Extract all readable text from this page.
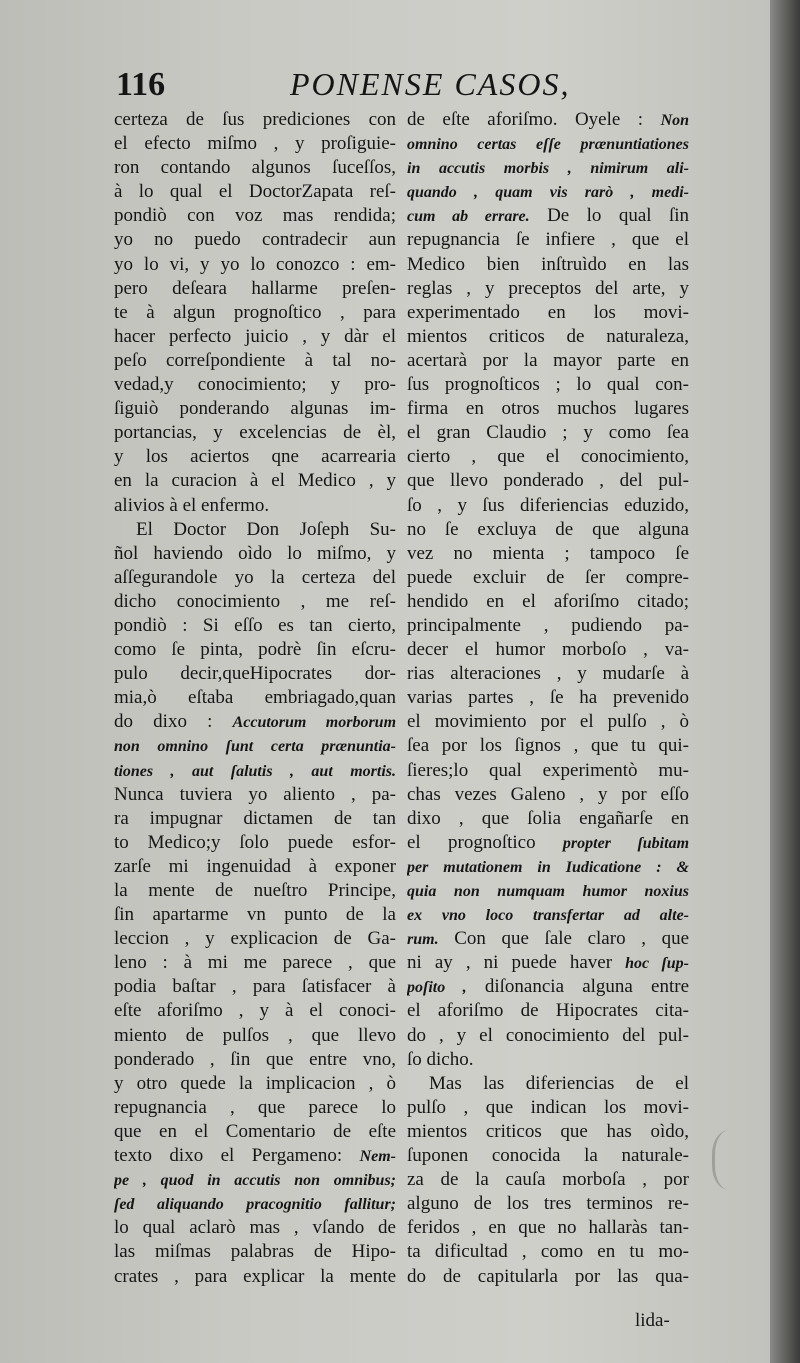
116	PONENSE CASOS,
certeza de ſus prediciones con
el efecto miſmo , y proſiguie-
ron contando algunos ſuceſſos,
à lo qual el DoctorZapata reſ-
pondiò con voz mas rendida;
yo no puedo contradecir aun
yo lo vi, y yo lo conozco : em-
pero deſeara hallarme preſen-
te à algun prognoſtico , para
hacer perfecto juicio , y dàr el
peſo correſpondiente à tal no-
vedad,y conocimiento; y pro-
ſiguiò ponderando algunas im-
portancias, y excelencias de èl,
y los aciertos qne acarrearia
en la curacion à el Medico , y
alivios à el enfermo.
El Doctor Don Joſeph Su-
ñol haviendo oìdo lo miſmo, y
aſſegurandole yo la certeza del
dicho conocimiento , me reſ-
pondiò : Si eſſo es tan cierto,
como ſe pinta, podrè ſin eſcru-
pulo decir,queHipocrates dor-
mia,ò eſtaba embriagado,quan
do dixo : Accutorum morborum
non omnino ſunt certa prænuntia-
tiones , aut ſalutis , aut mortis.
Nunca tuviera yo aliento , pa-
ra impugnar dictamen de tan
to Medico;y ſolo puede esfor-
zarſe mi ingenuidad à exponer
la mente de nueſtro Principe,
ſin apartarme vn punto de la
leccion , y explicacion de Ga-
leno : à mi me parece , que
podia baſtar , para ſatisfacer à
eſte aforiſmo , y à el conoci-
miento de pulſos , que llevo
ponderado , ſin que entre vno,
y otro quede la implicacion , ò
repugnancia , que parece lo
que en el Comentario de eſte
texto dixo el Pergameno: Nem-
pe , quod in accutis non omnibus;
ſed aliquando pracognitio fallitur;
lo qual aclarò mas , vſando de
las miſmas palabras de Hipo-
crates , para explicar la mente
de eſte aforiſmo. Oyele : Non
omnino certas eſſe prænuntiationes
in accutis morbis , nimirum ali-
quando , quam vis rarò , medi-
cum ab errare. De lo qual ſin
repugnancia ſe infiere , que el
Medico bien inſtruìdo en las
reglas , y preceptos del arte, y
experimentado en los movi-
mientos criticos de naturaleza,
acertarà por la mayor parte en
ſus prognoſticos ; lo qual con-
firma en otros muchos lugares
el gran Claudio ; y como ſea
cierto , que el conocimiento,
que llevo ponderado , del pul-
ſo , y ſus diferiencias eduzido,
no ſe excluya de que alguna
vez no mienta ; tampoco ſe
puede excluir de ſer compre-
hendido en el aforiſmo citado;
principalmente , pudiendo pa-
decer el humor morboſo , va-
rias alteraciones , y mudarſe à
varias partes , ſe ha prevenido
el movimiento por el pulſo , ò
ſea por los ſignos , que tu qui-
ſieres;lo qual experimentò mu-
chas vezes Galeno , y por eſſo
dixo , que ſolia engañarſe en
el prognoſtico propter ſubitam
per mutationem in Iudicatione : &
quia non numquam humor noxius
ex vno loco transfertar ad alte-
rum. Con que ſale claro , que
ni ay , ni puede haver hoc ſup-
poſito , diſonancia alguna entre
el aforiſmo de Hipocrates cita-
do , y el conocimiento del pul-
ſo dicho.
Mas las diferiencias de el
pulſo , que indican los movi-
mientos criticos que has oìdo,
ſuponen conocida la naturale-
za de la cauſa morboſa , por
alguno de los tres terminos re-
feridos , en que no hallaràs tan-
ta dificultad , como en tu mo-
do de capitularla por las qua-
lida-
